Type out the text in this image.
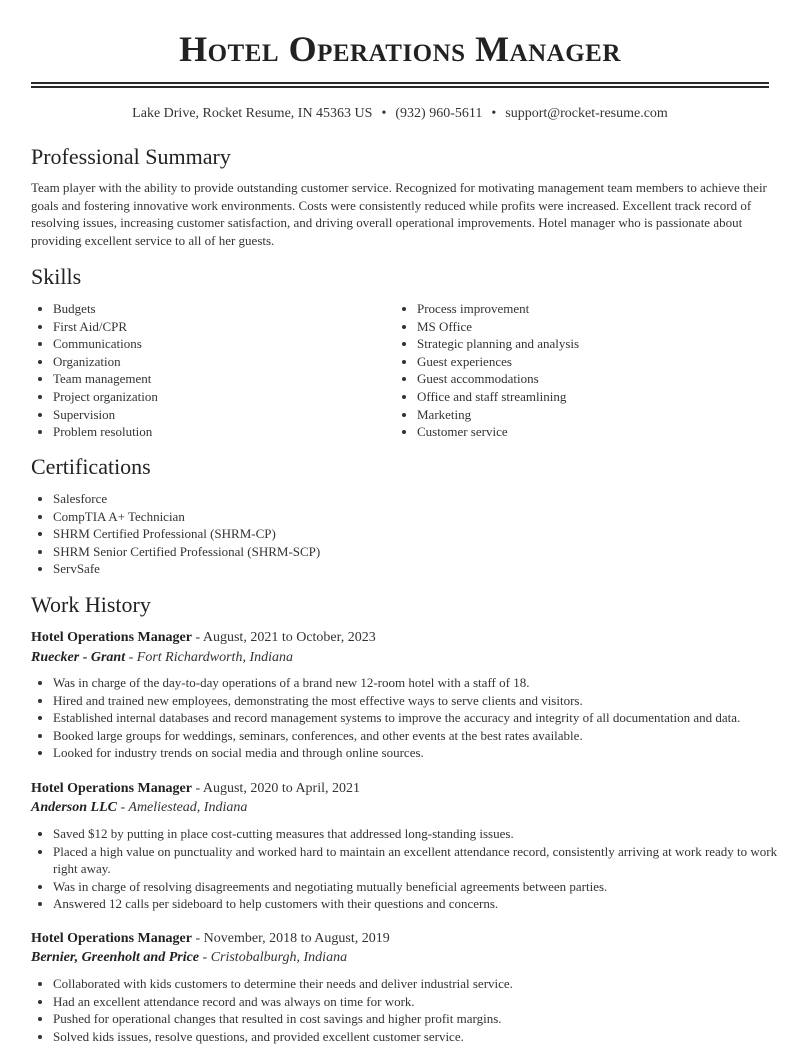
Hotel Operations Manager
Lake Drive, Rocket Resume, IN 45363 US • (932) 960-5611 • support@rocket-resume.com
Professional Summary

Team player with the ability to provide outstanding customer service. Recognized for motivating management team members to achieve their goals and fostering innovative work environments. Costs were consistently reduced while profits were increased. Excellent track record of resolving issues, increasing customer satisfaction, and driving overall operational improvements. Hotel manager who is passionate about providing excellent service to all of her guests.

Skills
• Budgets
• First Aid/CPR
• Communications
• Organization
• Team management
• Project organization
• Supervision
• Problem resolution
• Process improvement
• MS Office
• Strategic planning and analysis
• Guest experiences
• Guest accommodations
• Office and staff streamlining
• Marketing
• Customer service
Certifications
• Salesforce
• CompTIA A+ Technician
• SHRM Certified Professional (SHRM-CP)
• SHRM Senior Certified Professional (SHRM-SCP)
• ServSafe
Work History
Hotel Operations Manager - August, 2021 to October, 2023
Ruecker - Grant - Fort Richardworth, Indiana
• Was in charge of the day-to-day operations of a brand new 12-room hotel with a staff of 18.
• Hired and trained new employees, demonstrating the most effective ways to serve clients and visitors.
• Established internal databases and record management systems to improve the accuracy and integrity of all documentation and data.
• Booked large groups for weddings, seminars, conferences, and other events at the best rates available.
• Looked for industry trends on social media and through online sources.
Hotel Operations Manager - August, 2020 to April, 2021
Anderson LLC - Ameliestead, Indiana
• Saved $12 by putting in place cost-cutting measures that addressed long-standing issues.
• Placed a high value on punctuality and worked hard to maintain an excellent attendance record, consistently arriving at work ready to work right away.
• Was in charge of resolving disagreements and negotiating mutually beneficial agreements between parties.
• Answered 12 calls per sideboard to help customers with their questions and concerns.
Hotel Operations Manager - November, 2018 to August, 2019
Bernier, Greenholt and Price - Cristobalburgh, Indiana
• Collaborated with kids customers to determine their needs and deliver industrial service.
• Had an excellent attendance record and was always on time for work.
• Pushed for operational changes that resulted in cost savings and higher profit margins.
• Solved kids issues, resolve questions, and provided excellent customer service.
